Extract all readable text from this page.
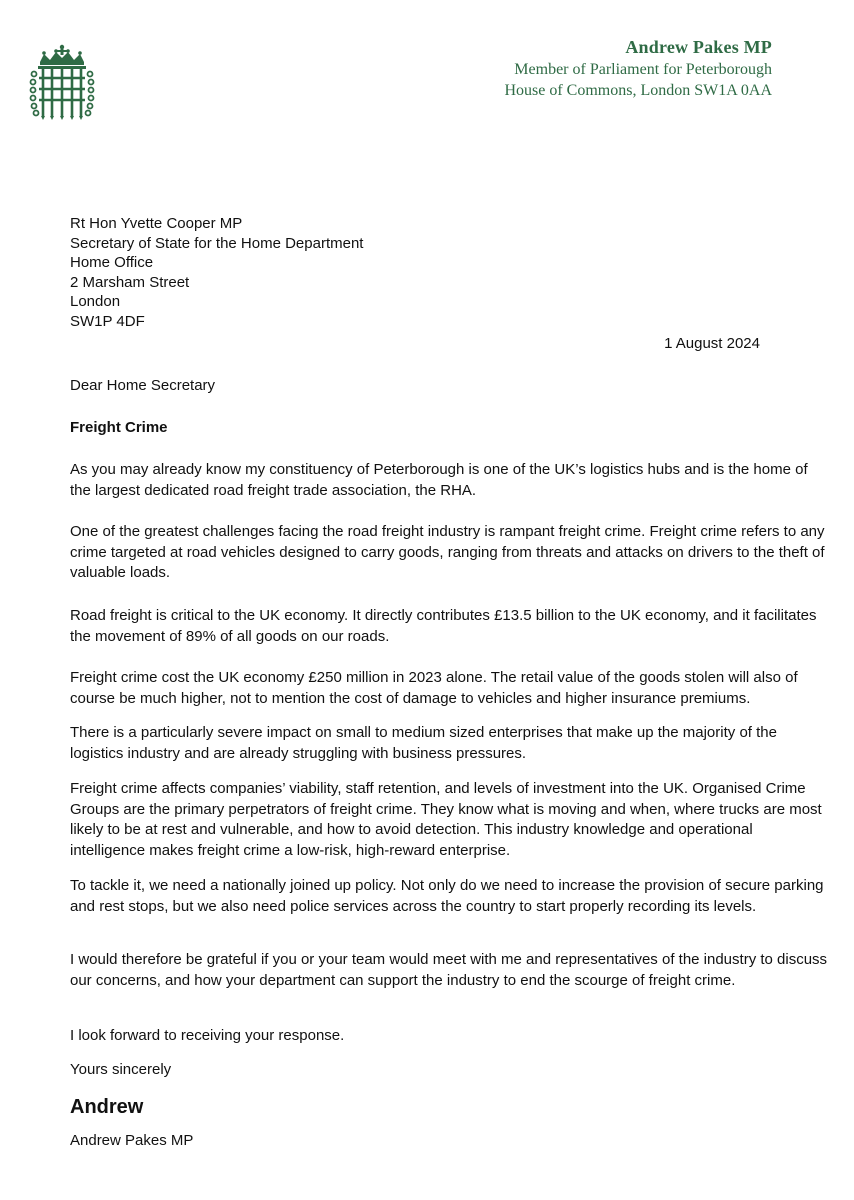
Andrew Pakes MP
Member of Parliament for Peterborough
House of Commons, London SW1A 0AA
Rt Hon Yvette Cooper MP
Secretary of State for the Home Department
Home Office
2 Marsham Street
London
SW1P 4DF
1 August 2024
Dear Home Secretary
Freight Crime
As you may already know my constituency of Peterborough is one of the UK’s logistics hubs and is the home of the largest dedicated road freight trade association, the RHA.
One of the greatest challenges facing the road freight industry is rampant freight crime. Freight crime refers to any crime targeted at road vehicles designed to carry goods, ranging from threats and attacks on drivers to the theft of valuable loads.
Road freight is critical to the UK economy. It directly contributes £13.5 billion to the UK economy, and it facilitates the movement of 89% of all goods on our roads.
Freight crime cost the UK economy £250 million in 2023 alone. The retail value of the goods stolen will also of course be much higher, not to mention the cost of damage to vehicles and higher insurance premiums.
There is a particularly severe impact on small to medium sized enterprises that make up the majority of the logistics industry and are already struggling with business pressures.
Freight crime affects companies’ viability, staff retention, and levels of investment into the UK. Organised Crime Groups are the primary perpetrators of freight crime. They know what is moving and when, where trucks are most likely to be at rest and vulnerable, and how to avoid detection. This industry knowledge and operational intelligence makes freight crime a low-risk, high-reward enterprise.
To tackle it, we need a nationally joined up policy. Not only do we need to increase the provision of secure parking and rest stops, but we also need police services across the country to start properly recording its levels.
I would therefore be grateful if you or your team would meet with me and representatives of the industry to discuss our concerns, and how your department can support the industry to end the scourge of freight crime.
I look forward to receiving your response.
Yours sincerely
Andrew
Andrew Pakes MP
